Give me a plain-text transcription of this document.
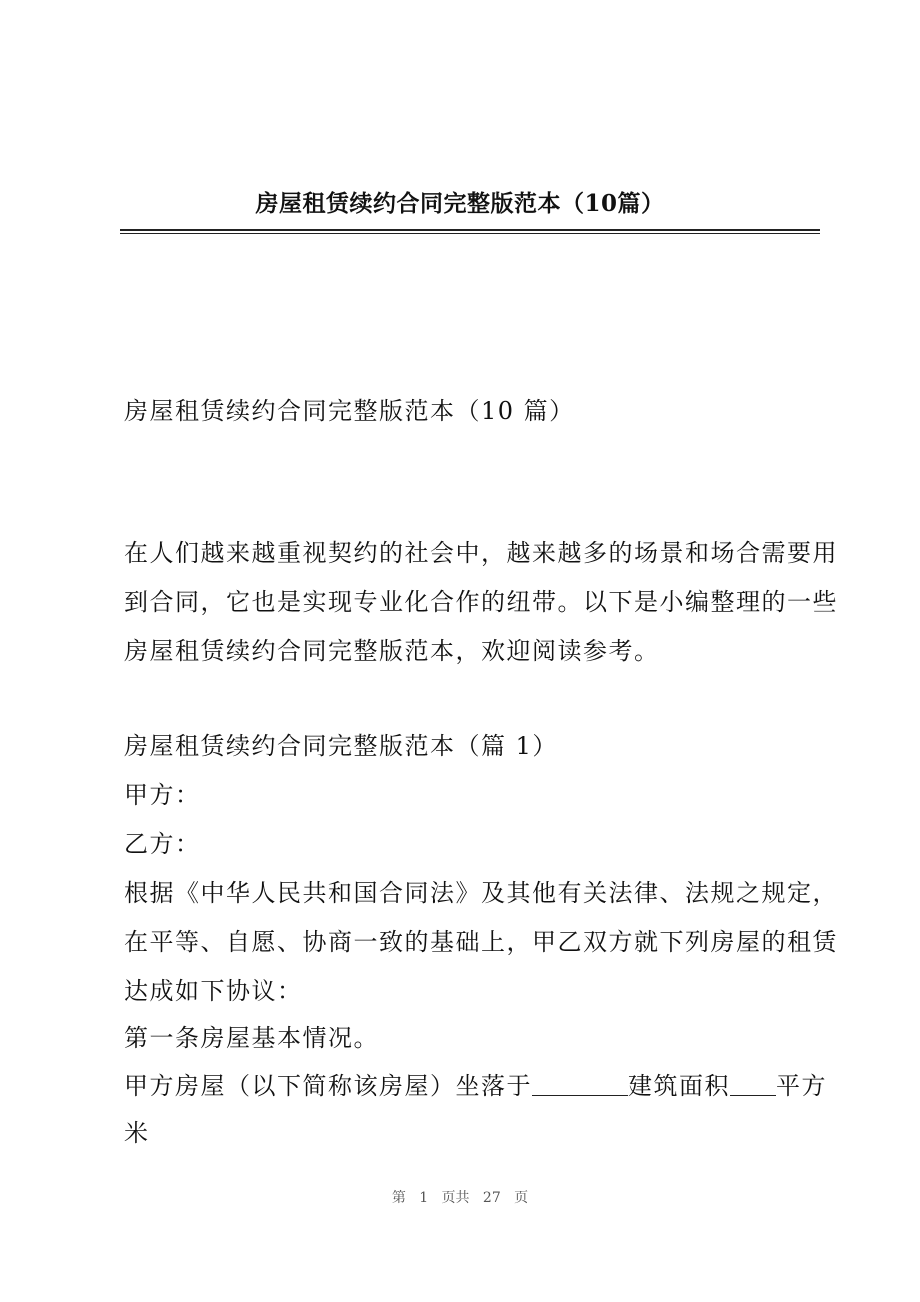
房屋租赁续约合同完整版范本（10篇）
房屋租赁续约合同完整版范本（10 篇）
在人们越来越重视契约的社会中，越来越多的场景和场合需要用
到合同，它也是实现专业化合作的纽带。以下是小编整理的一些
房屋租赁续约合同完整版范本，欢迎阅读参考。
房屋租赁续约合同完整版范本（篇 1）
甲方：
乙方：
根据《中华人民共和国合同法》及其他有关法律、法规之规定，
在平等、自愿、协商一致的基础上，甲乙双方就下列房屋的租赁
达成如下协议：
第一条房屋基本情况。
甲方房屋（以下简称该房屋）坐落于	建筑面积 平方
米
第 1 页共 27 页
